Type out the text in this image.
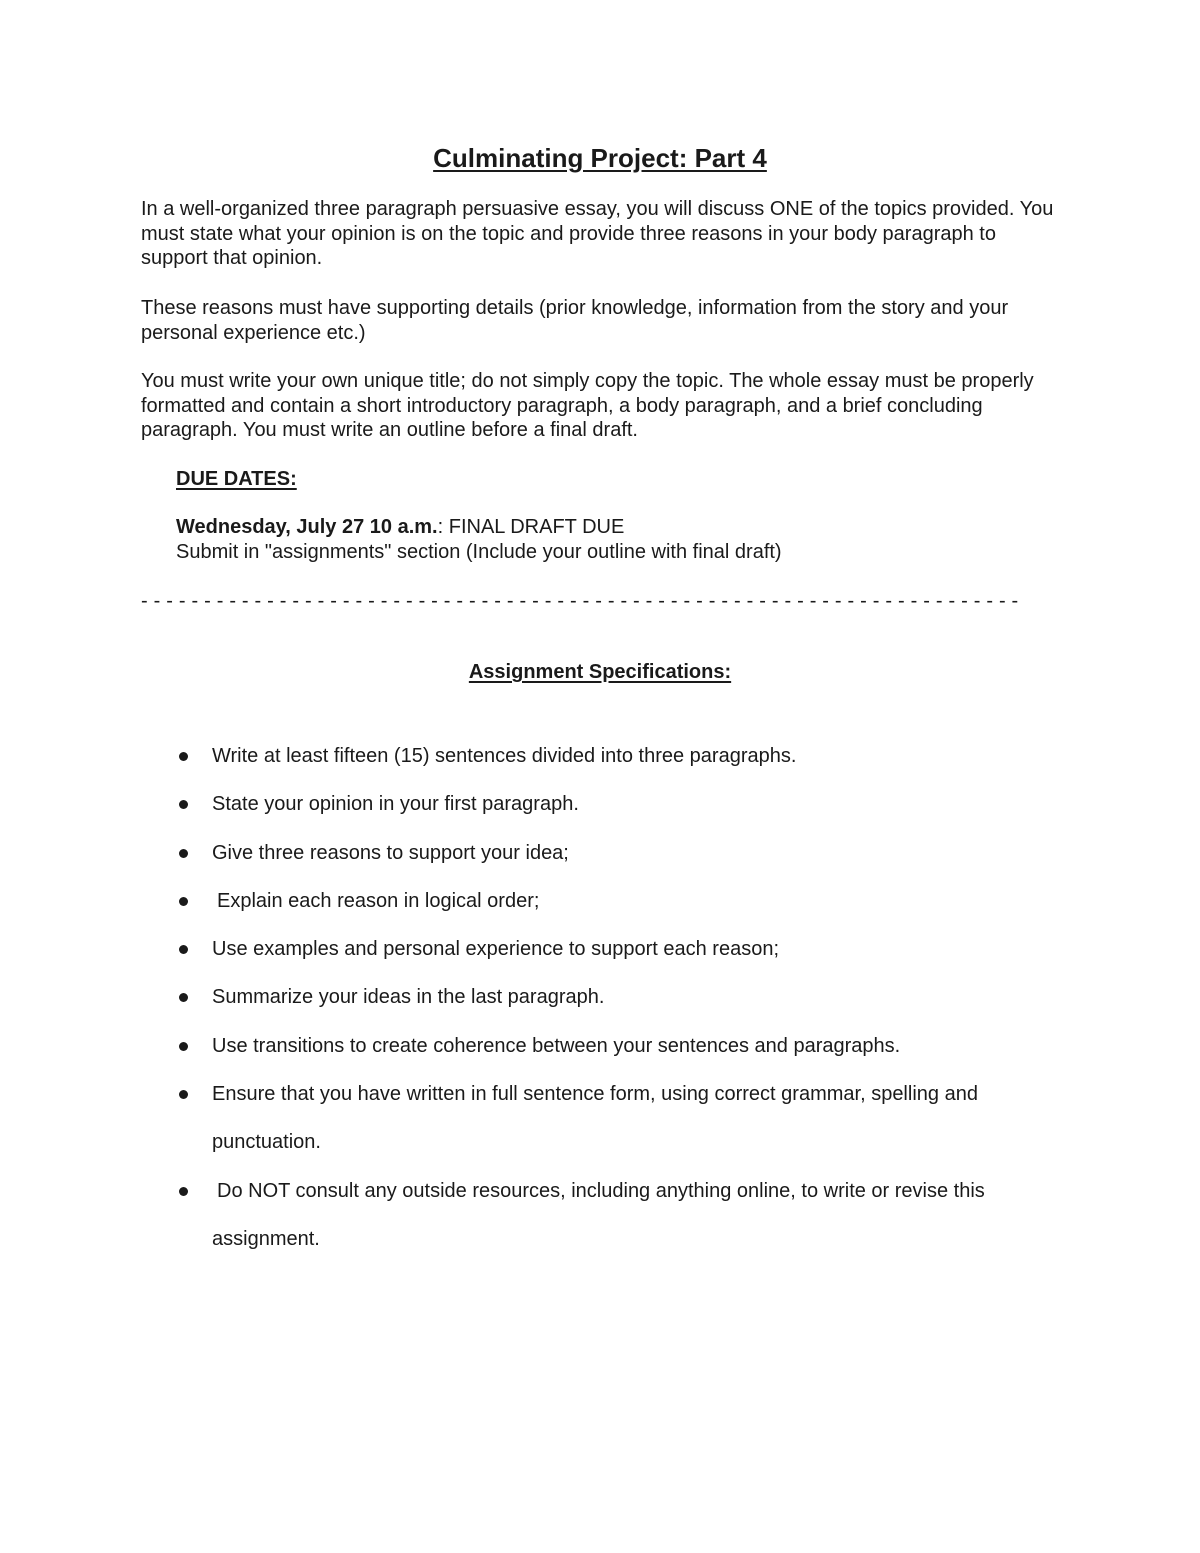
Culminating Project: Part 4

In a well-organized three paragraph persuasive essay, you will discuss ONE of the topics provided. You must state what your opinion is on the topic and provide three reasons in your body paragraph to support that opinion.

These reasons must have supporting details (prior knowledge, information from the story and your personal experience etc.)

You must write your own unique title; do not simply copy the topic. The whole essay must be properly formatted and contain a short introductory paragraph, a body paragraph, and a brief concluding paragraph. You must write an outline before a final draft.

DUE DATES:

Wednesday, July 27 10 a.m.: FINAL DRAFT DUE

Submit in "assignments" section (Include your outline with final draft)

- - - - - - - - - - - - - - - - - - - - - - - - - - - - - - - - - - - - - - - - - - - - - - - - - - - - - - - - - - - - - - - - - - - - - -

Assignment Specifications:

Write at least fifteen (15) sentences divided into three paragraphs.
State your opinion in your first paragraph.
Give three reasons to support your idea;
Explain each reason in logical order;
Use examples and personal experience to support each reason;
Summarize your ideas in the last paragraph.
Use transitions to create coherence between your sentences and paragraphs.
Ensure that you have written in full sentence form, using correct grammar, spelling and punctuation.
Do NOT consult any outside resources, including anything online, to write or revise this assignment.
